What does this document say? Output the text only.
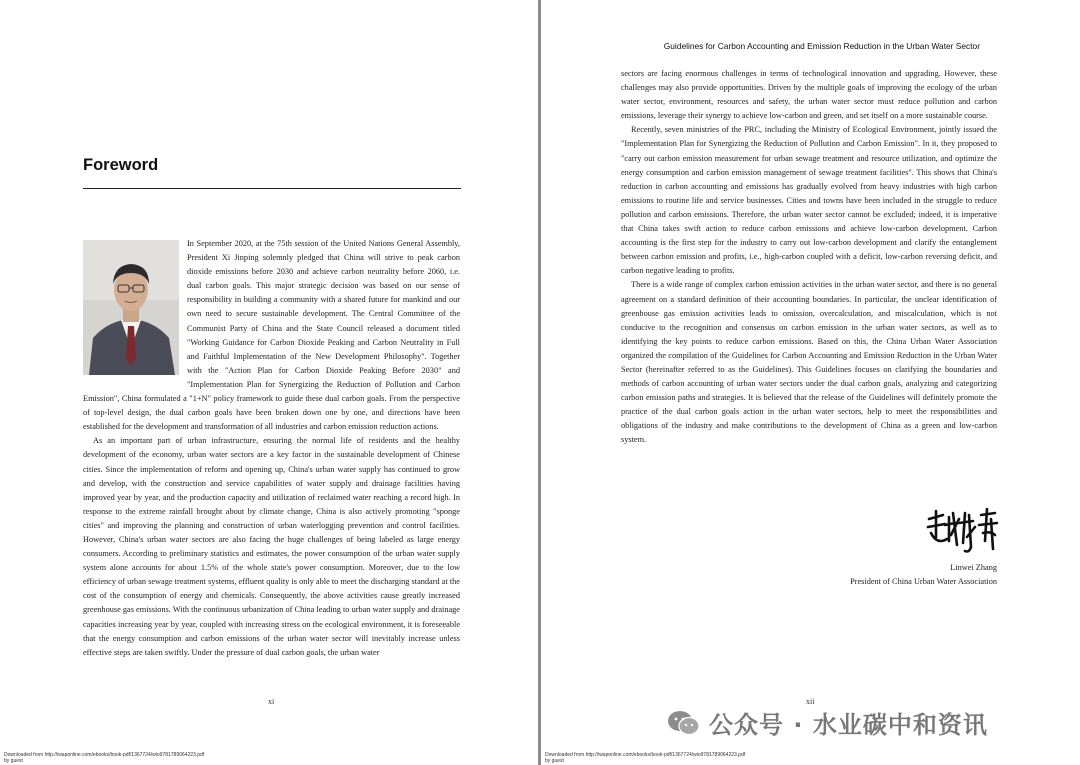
Foreword

In September 2020, at the 75th session of the United Nations General Assembly, President Xi Jinping solemnly pledged that China will strive to peak carbon dioxide emissions before 2030 and achieve carbon neutrality before 2060, i.e. dual carbon goals. This major strategic decision was based on our sense of responsibility in building a community with a shared future for mankind and our own need to secure sustainable development. The Central Committee of the Communist Party of China and the State Council released a document titled "Working Guidance for Carbon Dioxide Peaking and Carbon Neutrality in Full and Faithful Implementation of the New Development Philosophy". Together with the "Action Plan for Carbon Dioxide Peaking Before 2030" and "Implementation Plan for Synergizing the Reduction of Pollution and Carbon Emission", China formulated a "1+N" policy framework to guide these dual carbon goals. From the perspective of top-level design, the dual carbon goals have been broken down one by one, and directions have been established for the development and transformation of all industries and carbon emission reduction actions.

As an important part of urban infrastructure, ensuring the normal life of residents and the healthy development of the economy, urban water sectors are a key factor in the sustainable development of Chinese cities. Since the implementation of reform and opening up, China's urban water supply has continued to grow and develop, with the construction and service capabilities of water supply and drainage facilities having improved year by year, and the production capacity and utilization of reclaimed water reaching a record high. In response to the extreme rainfall brought about by climate change, China is also actively promoting "sponge cities" and improving the planning and construction of urban waterlogging prevention and control facilities. However, China's urban water sectors are also facing the huge challenges of being labeled as large energy consumers. According to preliminary statistics and estimates, the power consumption of the urban water supply system alone accounts for about 1.5% of the whole state's power consumption. Moreover, due to the low efficiency of urban sewage treatment systems, effluent quality is only able to meet the discharging standard at the cost of the consumption of energy and chemicals. Consequently, the above activities cause greatly increased greenhouse gas emissions. With the continuous urbanization of China leading to urban water supply and drainage capacities increasing year by year, coupled with increasing stress on the ecological environment, it is foreseeable that the energy consumption and carbon emissions of the urban water sector will inevitably increase unless effective steps are taken swiftly. Under the pressure of dual carbon goals, the urban water

xi
Downloaded from http://iwaponline.com/ebooks/book-pdf/1367724/wio9781789064223.pdf
by guest
Guidelines for Carbon Accounting and Emission Reduction in the Urban Water Sector

sectors are facing enormous challenges in terms of technological innovation and upgrading. However, these challenges may also provide opportunities. Driven by the multiple goals of improving the ecology of the urban water sector, environment, resources and safety, the urban water sector must reduce pollution and carbon emissions, leverage their synergy to achieve low-carbon and green, and set itself on a more sustainable course.

Recently, seven ministries of the PRC, including the Ministry of Ecological Environment, jointly issued the "Implementation Plan for Synergizing the Reduction of Pollution and Carbon Emission". In it, they proposed to "carry out carbon emission measurement for urban sewage treatment and resource utilization, and optimize the energy consumption and carbon emission management of sewage treatment facilities". This shows that China's reduction in carbon accounting and emissions has gradually evolved from heavy industries with high carbon emissions to routine life and service businesses. Cities and towns have been included in the struggle to reduce pollution and carbon emissions. Therefore, the urban water sector cannot be excluded; indeed, it is imperative that China takes swift action to reduce carbon emissions and achieve low-carbon development. Carbon accounting is the first step for the industry to carry out low-carbon development and clarify the entanglement between carbon emission and profits, i.e., high-carbon coupled with a deficit, low-carbon reversing deficit, and carbon negative leading to profits.

There is a wide range of complex carbon emission activities in the urban water sector, and there is no general agreement on a standard definition of their accounting boundaries. In particular, the unclear identification of greenhouse gas emission activities leads to omission, overcalculation, and miscalculation, which is not conducive to the recognition and consensus on carbon emission in the urban water sectors, as well as to identifying the key points to reduce carbon emissions. Based on this, the China Urban Water Association organized the compilation of the Guidelines for Carbon Accounting and Emission Reduction in the Urban Water Sector (hereinafter referred to as the Guidelines). This Guidelines focuses on clarifying the boundaries and methods of carbon accounting of urban water sectors under the dual carbon goals, analyzing and categorizing carbon emission paths and strategies. It is believed that the release of the Guidelines will definitely promote the practice of the dual carbon goals action in the urban water sectors, help to meet the responsibilities and obligations of the industry and make contributions to the development of China as a green and low-carbon system.

Linwei Zhang
President of China Urban Water Association
xii
Downloaded from http://iwaponline.com/ebooks/book-pdf/1367724/wio9781789064223.pdf
by guest
公众号 · 水业碳中和资讯
